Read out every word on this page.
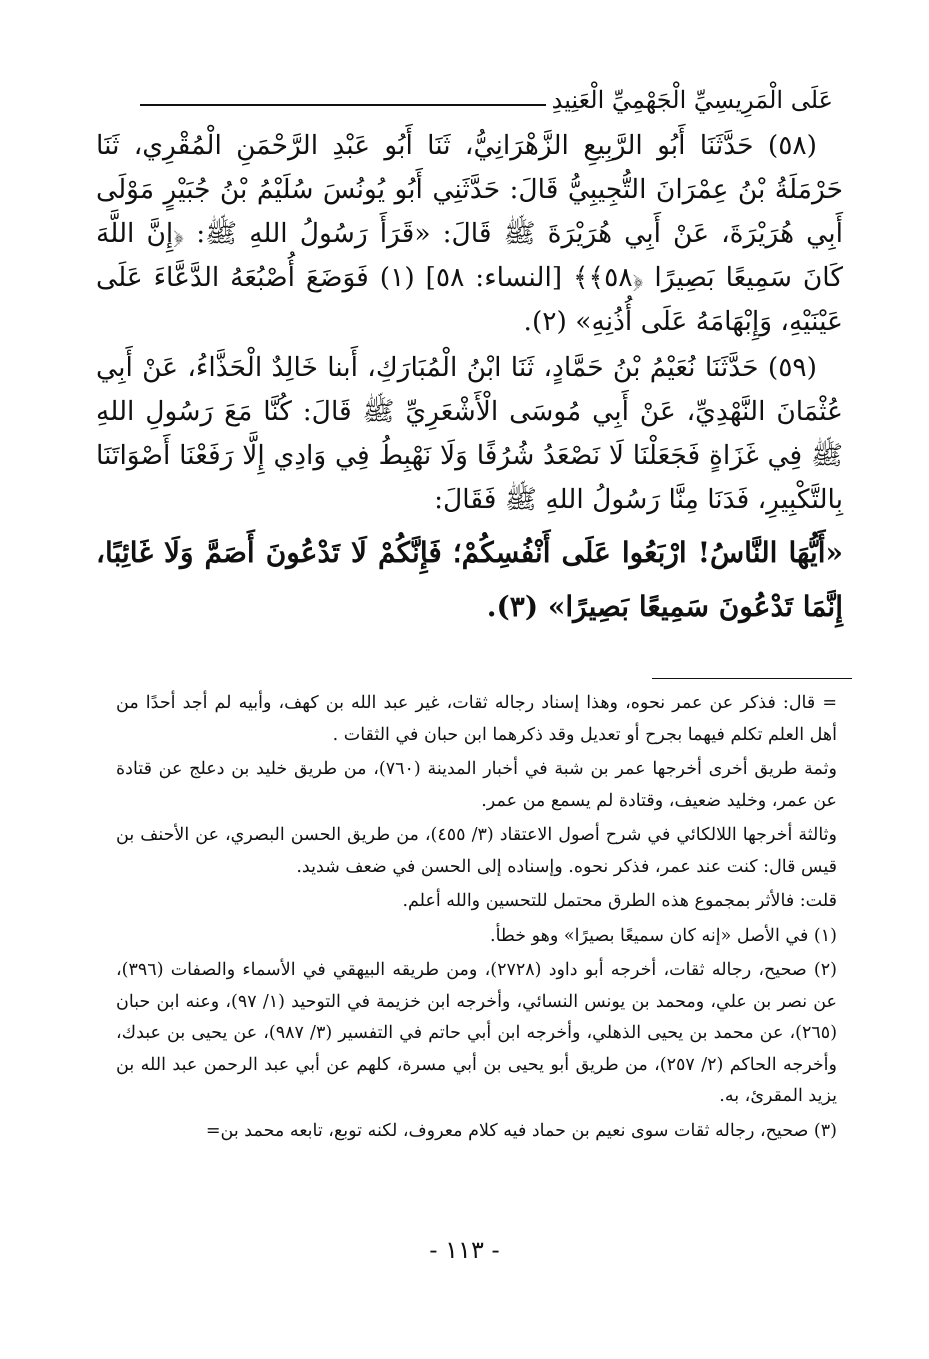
عَلَى الْمَرِيسِيِّ الْجَهْمِيِّ الْعَنِيدِ

(٥٨) حَدَّثَنَا أَبُو الرَّبِيعِ الزَّهْرَانِيُّ، ثَنَا أَبُو عَبْدِ الرَّحْمَنِ الْمُقْرِي، ثَنَا حَرْمَلَةُ بْنُ عِمْرَانَ التُّجِيبِيُّ قَالَ: حَدَّثَنِي أَبُو يُونُسَ سُلَيْمُ بْنُ جُبَيْرٍ مَوْلَى أَبِي هُرَيْرَةَ، عَنْ أَبِي هُرَيْرَةَ ﷺ قَالَ: «قَرَأَ رَسُولُ اللهِ ﷺ: ﴿إِنَّ اللَّهَ كَانَ سَمِيعًا بَصِيرًا ﴿٥٨﴾﴾ [النساء: ٥٨] (١) فَوَضَعَ أُصْبُعَهُ الدَّعَّاءَ عَلَى عَيْنَيْهِ، وَإِبْهَامَهُ عَلَى أُذُنِهِ» (٢).

(٥٩) حَدَّثَنَا نُعَيْمُ بْنُ حَمَّادٍ، ثَنَا ابْنُ الْمُبَارَكِ، أَبنا خَالِدٌ الْحَذَّاءُ، عَنْ أَبِي عُثْمَانَ النَّهْدِيِّ، عَنْ أَبِي مُوسَى الْأَشْعَرِيِّ ﷺ قَالَ: كُنَّا مَعَ رَسُولِ اللهِ ﷺ فِي غَزَاةٍ فَجَعَلْنَا لَا نَصْعَدُ شُرُفًا وَلَا نَهْبِطُ فِي وَادِي إِلَّا رَفَعْنَا أَصْوَاتَنَا بِالتَّكْبِيرِ، فَدَنَا مِنَّا رَسُولُ اللهِ ﷺ فَقَالَ:

«أَيُّهَا النَّاسُ! ارْبَعُوا عَلَى أَنْفُسِكُمْ؛ فَإِنَّكُمْ لَا تَدْعُونَ أَصَمَّ وَلَا غَائِبًا، إِنَّمَا تَدْعُونَ سَمِيعًا بَصِيرًا» (٣).

= قال: فذكر عن عمر نحوه، وهذا إسناد رجاله ثقات، غير عبد الله بن كهف، وأبيه لم أجد أحدًا من أهل العلم تكلم فيهما بجرح أو تعديل وقد ذكرهما ابن حبان في الثقات .

وثمة طريق أخرى أخرجها عمر بن شبة في أخبار المدينة (٧٦٠)، من طريق خليد بن دعلج عن قتادة عن عمر، وخليد ضعيف، وقتادة لم يسمع من عمر.

وثالثة أخرجها اللالكائي في شرح أصول الاعتقاد (٣/ ٤٥٥)، من طريق الحسن البصري، عن الأحنف بن قيس قال: كنت عند عمر، فذكر نحوه. وإسناده إلى الحسن في ضعف شديد.

قلت: فالأثر بمجموع هذه الطرق محتمل للتحسين والله أعلم.

(١) في الأصل «إنه كان سميعًا بصيرًا» وهو خطأ.

(٢) صحيح، رجاله ثقات، أخرجه أبو داود (٢٧٢٨)، ومن طريقه البيهقي في الأسماء والصفات (٣٩٦)، عن نصر بن علي، ومحمد بن يونس النسائي، وأخرجه ابن خزيمة في التوحيد (١/ ٩٧)، وعنه ابن حبان (٢٦٥)، عن محمد بن يحيى الذهلي، وأخرجه ابن أبي حاتم في التفسير (٣/ ٩٨٧)، عن يحيى بن عبدك، وأخرجه الحاكم (٢/ ٢٥٧)، من طريق أبو يحيى بن أبي مسرة، كلهم عن أبي عبد الرحمن عبد الله بن يزيد المقرئ، به.

(٣) صحيح، رجاله ثقات سوى نعيم بن حماد فيه كلام معروف، لكنه توبع، تابعه محمد بن=

- ١١٣ -
